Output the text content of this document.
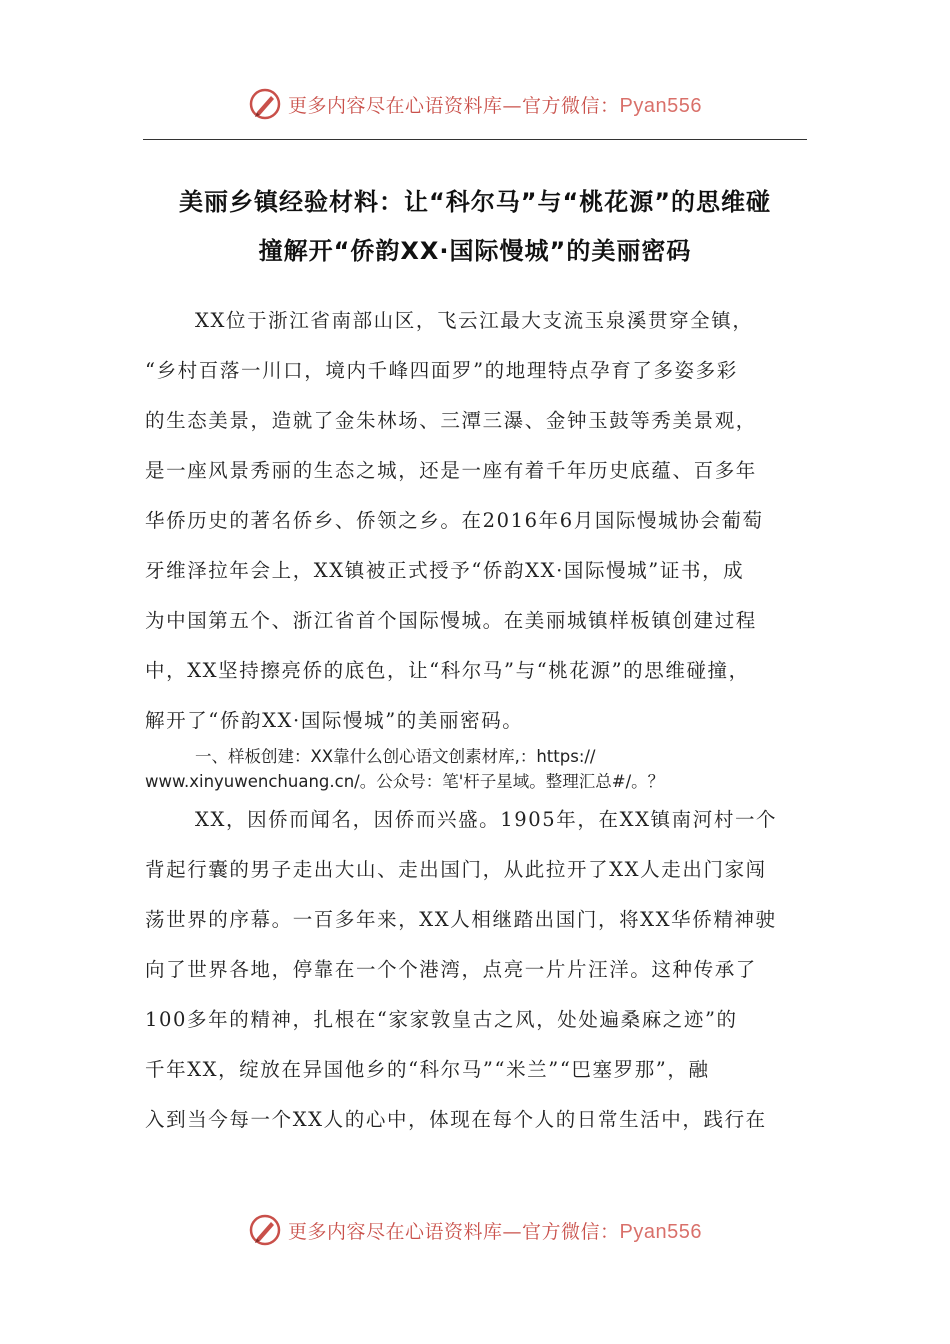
更多内容尽在心语资料库—官方微信：Pyan556
美丽乡镇经验材料：让“科尔马”与“桃花源”的思维碰
撞解开“侨韵XX·国际慢城”的美丽密码
XX位于浙江省南部山区，飞云江最大支流玉泉溪贯穿全镇，
“乡村百落一川口，境内千峰四面罗”的地理特点孕育了多姿多彩
的生态美景，造就了金朱林场、三潭三瀑、金钟玉鼓等秀美景观，
是一座风景秀丽的生态之城，还是一座有着千年历史底蕴、百多年
华侨历史的著名侨乡、侨领之乡。在2016年6月国际慢城协会葡萄
牙维泽拉年会上，XX镇被正式授予“侨韵XX·国际慢城”证书，成
为中国第五个、浙江省首个国际慢城。在美丽城镇样板镇创建过程
中，XX坚持擦亮侨的底色，让“科尔马”与“桃花源”的思维碰撞，
解开了“侨韵XX·国际慢城”的美丽密码。
一、样板创建：XX靠什么创心语文创素材库,：https://
www.xinyuwenchuang.cn/。公众号：笔'杆子星域。整理汇总#/。？
XX，因侨而闻名，因侨而兴盛。1905年，在XX镇南河村一个
背起行囊的男子走出大山、走出国门，从此拉开了XX人走出门家闯
荡世界的序幕。一百多年来，XX人相继踏出国门，将XX华侨精神驶
向了世界各地，停靠在一个个港湾，点亮一片片汪洋。这种传承了
100多年的精神，扎根在“家家敦皇古之风，处处遍桑麻之迹”的
千年XX，绽放在异国他乡的“科尔马”“米兰”“巴塞罗那”，融
入到当今每一个XX人的心中，体现在每个人的日常生活中，践行在
更多内容尽在心语资料库—官方微信：Pyan556
